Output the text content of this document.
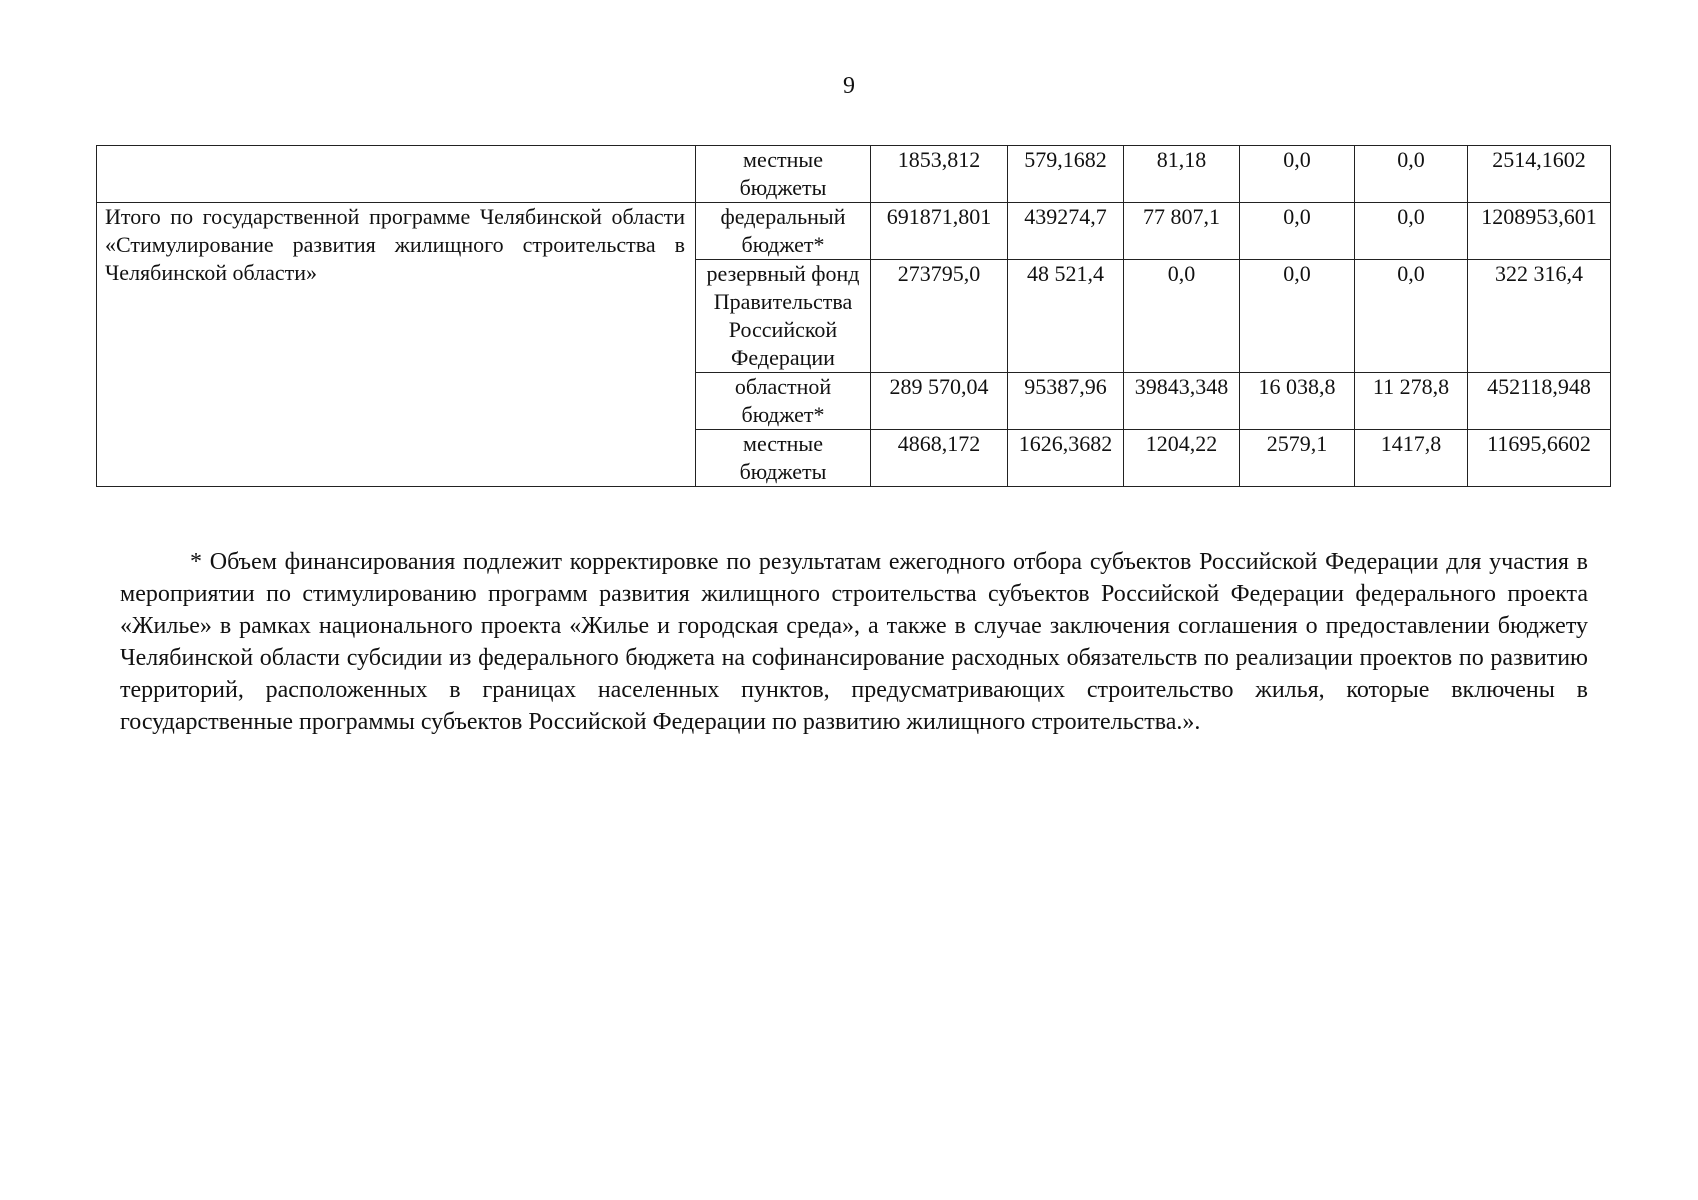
9
	местные бюджеты	1853,812	579,1682	81,18	0,0	0,0	2514,1602
Итого по государственной программе Челябинской области «Стимулирование развития жилищного строительства в Челябинской области»	федеральный бюджет*	691871,801	439274,7	77 807,1	0,0	0,0	1208953,601
	резервный фонд Правительства Российской Федерации	273795,0	48 521,4	0,0	0,0	0,0	322 316,4
	областной бюджет*	289 570,04	95387,96	39843,348	16 038,8	11 278,8	452118,948
	местные бюджеты	4868,172	1626,3682	1204,22	2579,1	1417,8	11695,6602

* Объем финансирования подлежит корректировке по результатам ежегодного отбора субъектов Российской Федерации для участия в мероприятии по стимулированию программ развития жилищного строительства субъектов Российской Федерации федерального проекта «Жилье» в рамках национального проекта «Жилье и городская среда», а также в случае заключения соглашения о предоставлении бюджету Челябинской области субсидии из федерального бюджета на софинансирование расходных обязательств по реализации проектов по развитию территорий, расположенных в границах населенных пунктов, предусматривающих строительство жилья, которые включены в государственные программы субъектов Российской Федерации по развитию жилищного строительства.».
